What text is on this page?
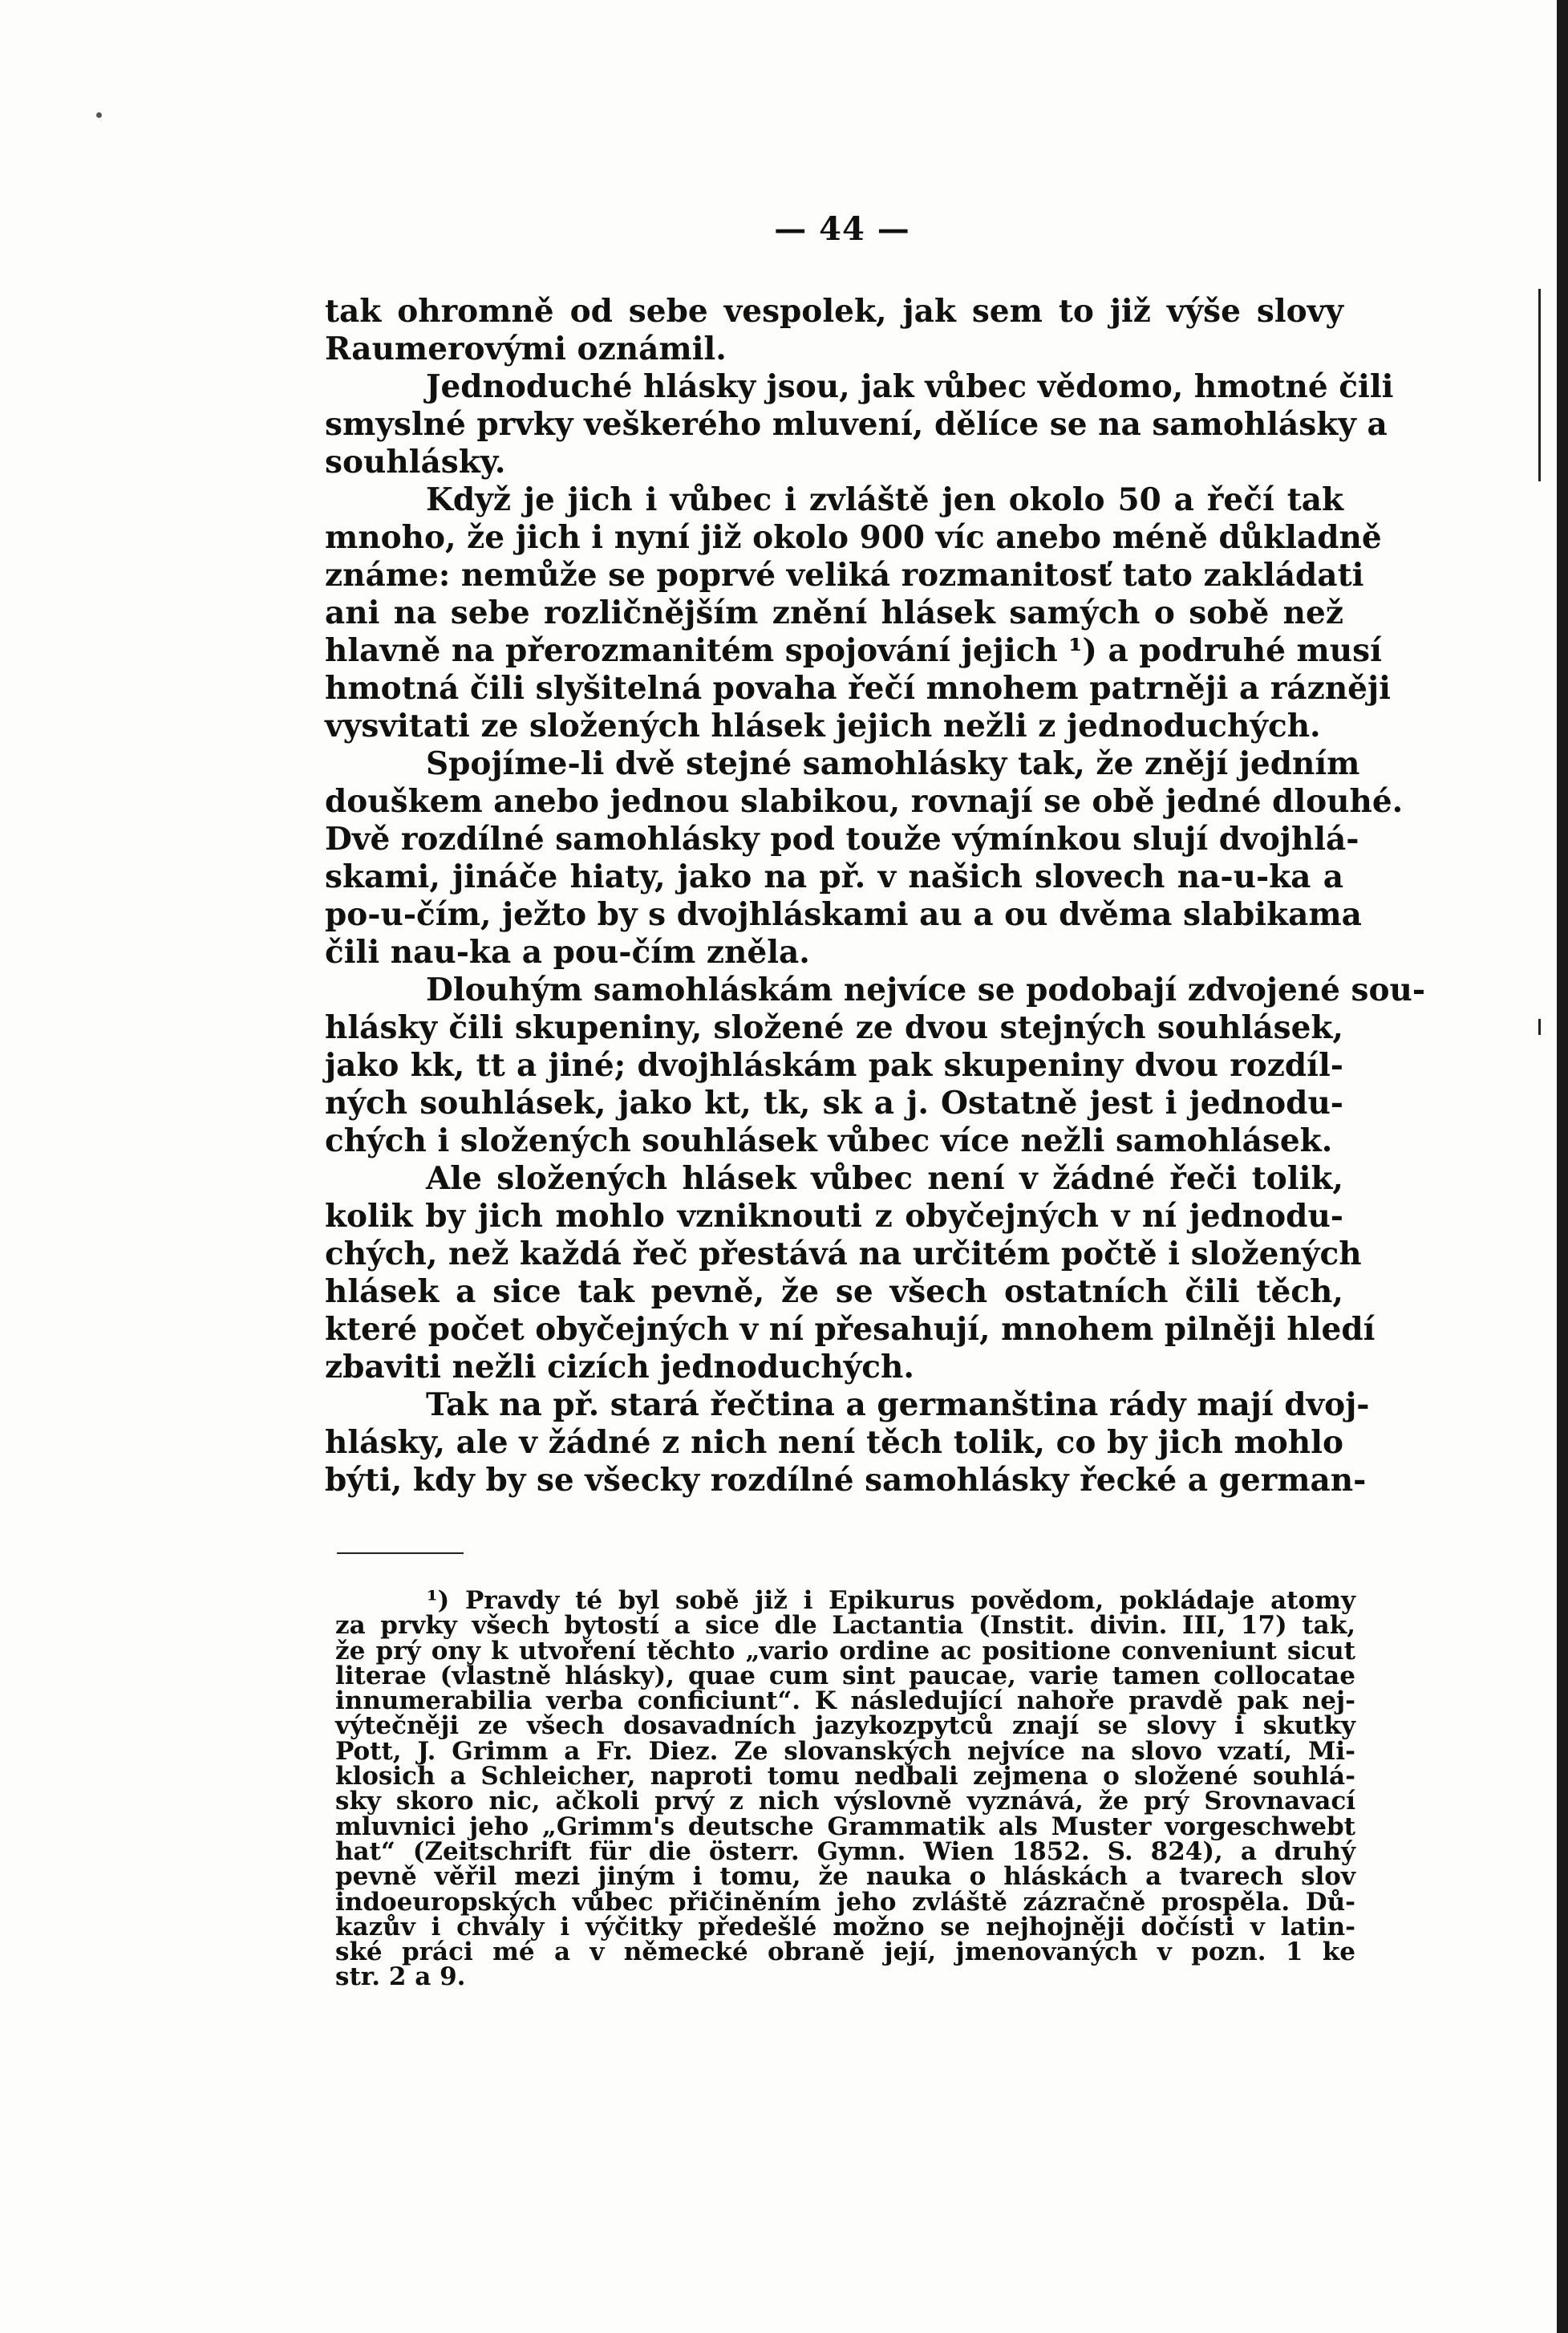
— 44 —
tak ohromně od sebe vespolek, jak sem to již výše slovy
Raumerovými oznámil.
Jednoduché hlásky jsou, jak vůbec vědomo, hmotné čili
smyslné prvky veškerého mluvení, dělíce se na samohlásky a
souhlásky.
Když je jich i vůbec i zvláště jen okolo 50 a řečí tak
mnoho, že jich i nyní již okolo 900 víc anebo méně důkladně
známe: nemůže se poprvé veliká rozmanitosť tato zakládati
ani na sebe rozličnějším znění hlásek samých o sobě než
hlavně na přerozmanitém spojování jejich ¹) a podruhé musí
hmotná čili slyšitelná povaha řečí mnohem patrněji a rázněji
vysvitati ze složených hlásek jejich nežli z jednoduchých.
Spojíme-li dvě stejné samohlásky tak, že znějí jedním
douškem anebo jednou slabikou, rovnají se obě jedné dlouhé.
Dvě rozdílné samohlásky pod touže výmínkou slují dvojhlá-
skami, jináče hiaty, jako na př. v našich slovech na-u-ka a
po-u-čím, ježto by s dvojhláskami au a ou dvěma slabikama
čili nau-ka a pou-čím zněla.
Dlouhým samohláskám nejvíce se podobají zdvojené sou-
hlásky čili skupeniny, složené ze dvou stejných souhlásek,
jako kk, tt a jiné; dvojhláskám pak skupeniny dvou rozdíl-
ných souhlásek, jako kt, tk, sk a j. Ostatně jest i jednodu-
chých i složených souhlásek vůbec více nežli samohlásek.
Ale složených hlásek vůbec není v žádné řeči tolik,
kolik by jich mohlo vzniknouti z obyčejných v ní jednodu-
chých, než každá řeč přestává na určitém počtě i složených
hlásek a sice tak pevně, že se všech ostatních čili těch,
které počet obyčejných v ní přesahují, mnohem pilněji hledí
zbaviti nežli cizích jednoduchých.
Tak na př. stará řečtina a germanština rády mají dvoj-
hlásky, ale v žádné z nich není těch tolik, co by jich mohlo
býti, kdy by se všecky rozdílné samohlásky řecké a german-
¹) Pravdy té byl sobě již i Epikurus povědom, pokládaje atomy
za prvky všech bytostí a sice dle Lactantia (Instit. divin. III, 17) tak,
že prý ony k utvoření těchto „vario ordine ac positione conveniunt sicut
literae (vlastně hlásky), quae cum sint paucae, varie tamen collocatae
innumerabilia verba conficiunt“. K následující nahoře pravdě pak nej-
výtečněji ze všech dosavadních jazykozpytců znají se slovy i skutky
Pott, J. Grimm a Fr. Diez. Ze slovanských nejvíce na slovo vzatí, Mi-
klosich a Schleicher, naproti tomu nedbali zejmena o složené souhlá-
sky skoro nic, ačkoli prvý z nich výslovně vyznává, že prý Srovnavací
mluvnici jeho „Grimm's deutsche Grammatik als Muster vorgeschwebt
hat“ (Zeitschrift für die österr. Gymn. Wien 1852. S. 824), a druhý
pevně věřil mezi jiným i tomu, že nauka o hláskách a tvarech slov
indoeuropských vůbec přičiněním jeho zvláště zázračně prospěla. Dů-
kazův i chvály i výčitky předešlé možno se nejhojněji dočísti v latin-
ské práci mé a v německé obraně její, jmenovaných v pozn. 1 ke
str. 2 a 9.
